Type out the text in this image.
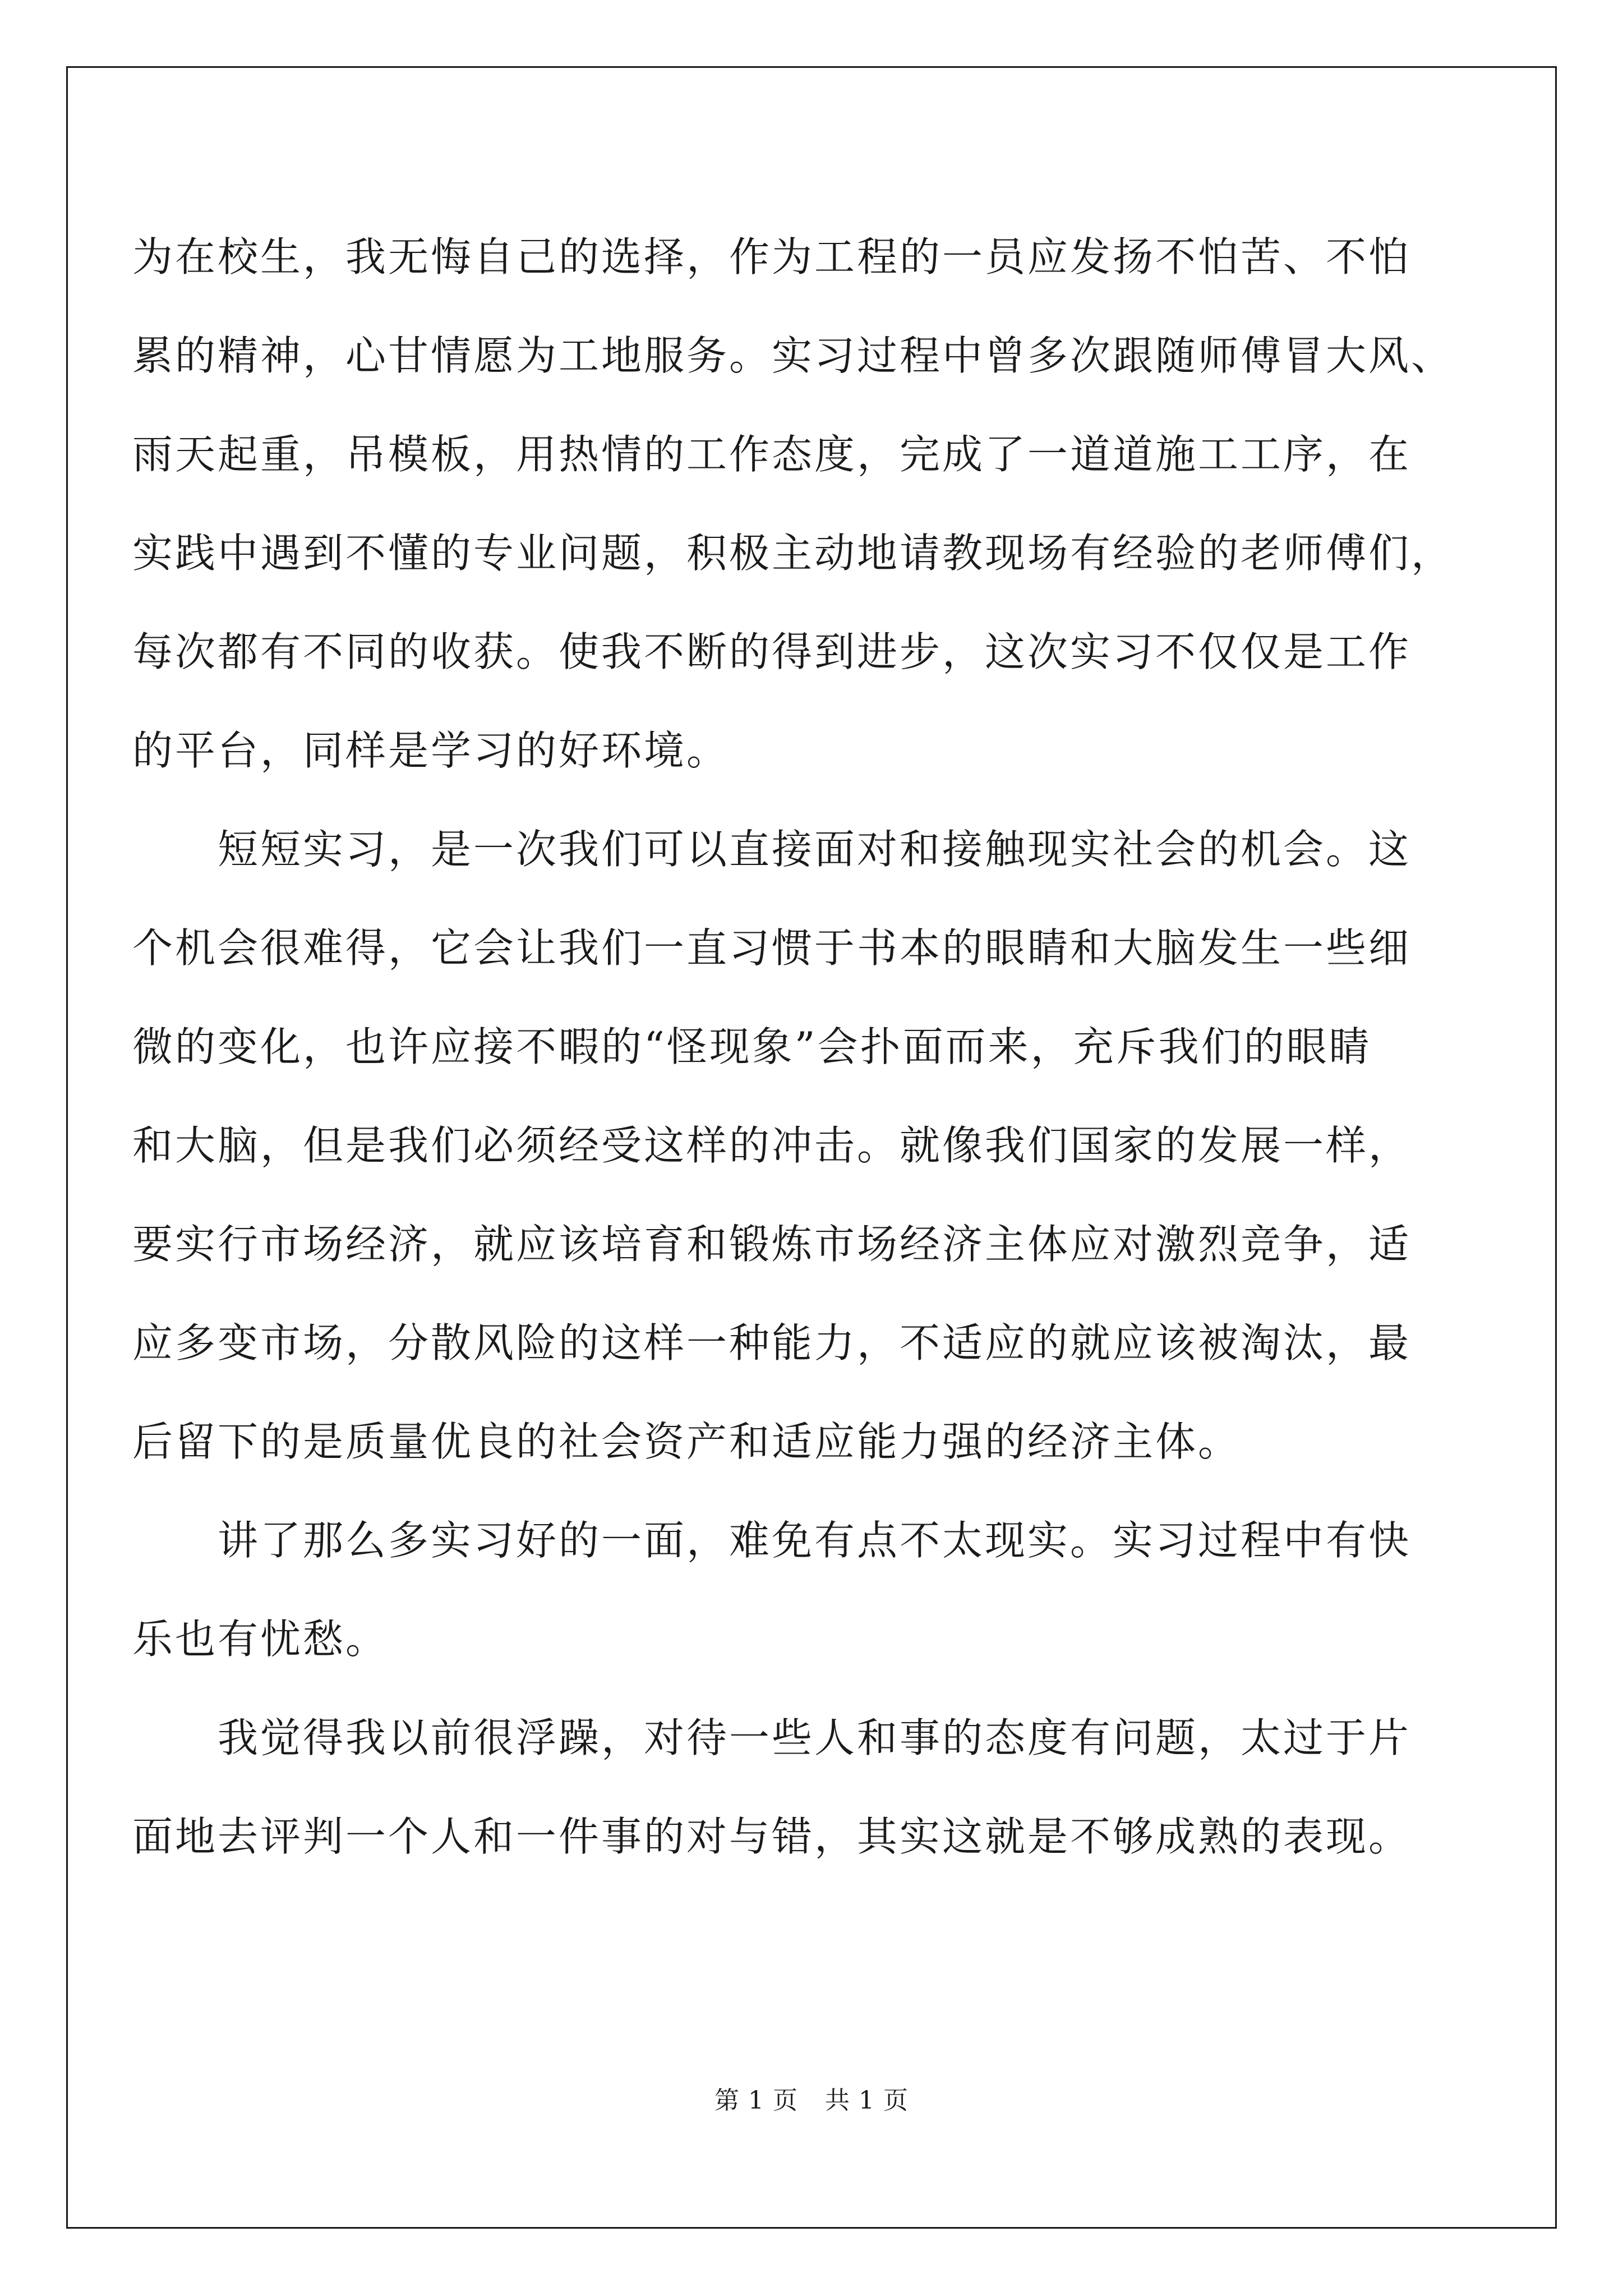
为在校生，我无悔自己的选择，作为工程的一员应发扬不怕苦、不怕
累的精神，心甘情愿为工地服务。实习过程中曾多次跟随师傅冒大风、
雨天起重，吊模板，用热情的工作态度，完成了一道道施工工序，在
实践中遇到不懂的专业问题，积极主动地请教现场有经验的老师傅们，
每次都有不同的收获。使我不断的得到进步，这次实习不仅仅是工作
的平台，同样是学习的好环境。
短短实习，是一次我们可以直接面对和接触现实社会的机会。这
个机会很难得，它会让我们一直习惯于书本的眼睛和大脑发生一些细
微的变化，也许应接不暇的“怪现象”会扑面而来，充斥我们的眼睛
和大脑，但是我们必须经受这样的冲击。就像我们国家的发展一样，
要实行市场经济，就应该培育和锻炼市场经济主体应对激烈竞争，适
应多变市场，分散风险的这样一种能力，不适应的就应该被淘汰，最
后留下的是质量优良的社会资产和适应能力强的经济主体。
讲了那么多实习好的一面，难免有点不太现实。实习过程中有快
乐也有忧愁。
我觉得我以前很浮躁，对待一些人和事的态度有问题，太过于片
面地去评判一个人和一件事的对与错，其实这就是不够成熟的表现。
第 1 页 共 1 页
